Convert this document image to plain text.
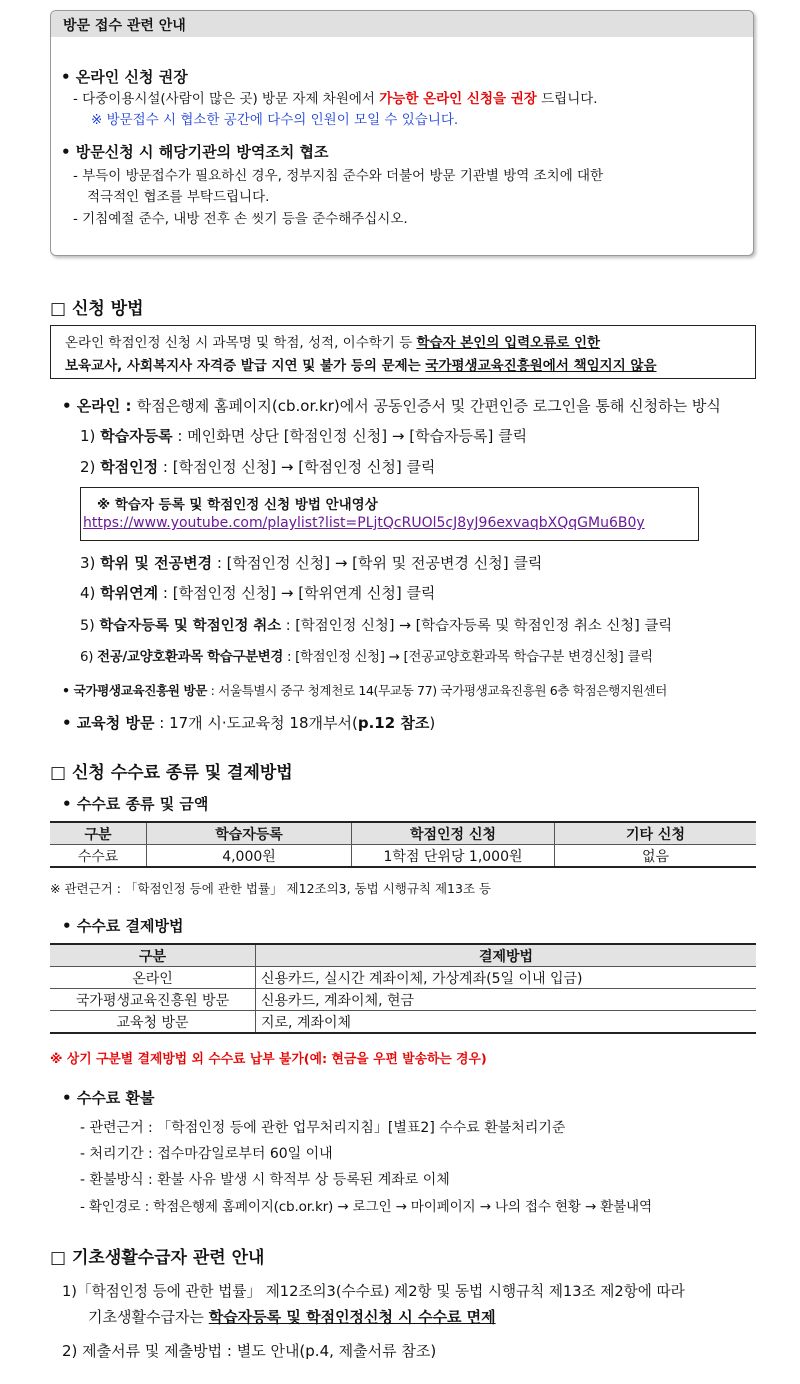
방문 접수 관련 안내
• 온라인 신청 권장
- 다중이용시설(사람이 많은 곳) 방문 자제 차원에서 가능한 온라인 신청을 권장 드립니다.
※ 방문접수 시 협소한 공간에 다수의 인원이 모일 수 있습니다.
• 방문신청 시 해당기관의 방역조치 협조
- 부득이 방문접수가 필요하신 경우, 정부지침 준수와 더불어 방문 기관별 방역 조치에 대한
적극적인 협조를 부탁드립니다.
- 기침예절 준수, 내방 전후 손 씻기 등을 준수해주십시오.
□ 신청 방법
온라인 학점인정 신청 시 과목명 및 학점, 성적, 이수학기 등 학습자 본인의 입력오류로 인한
보육교사, 사회복지사 자격증 발급 지연 및 불가 등의 문제는 국가평생교육진흥원에서 책임지지 않음
• 온라인 : 학점은행제 홈페이지(cb.or.kr)에서 공동인증서 및 간편인증 로그인을 통해 신청하는 방식
1) 학습자등록 : 메인화면 상단 [학점인정 신청] → [학습자등록] 클릭
2) 학점인정 : [학점인정 신청] → [학점인정 신청] 클릭
※ 학습자 등록 및 학점인정 신청 방법 안내영상
https://www.youtube.com/playlist?list=PLjtQcRUOl5cJ8yJ96exvaqbXQqGMu6B0y
3) 학위 및 전공변경 : [학점인정 신청] → [학위 및 전공변경 신청] 클릭
4) 학위연계 : [학점인정 신청] → [학위연계 신청] 클릭
5) 학습자등록 및 학점인정 취소 : [학점인정 신청] → [학습자등록 및 학점인정 취소 신청] 클릭
6) 전공/교양호환과목 학습구분변경 : [학점인정 신청] → [전공교양호환과목 학습구분 변경신청] 클릭
• 국가평생교육진흥원 방문 : 서울특별시 중구 청계천로 14(무교동 77) 국가평생교육진흥원 6층 학점은행지원센터
• 교육청 방문 : 17개 시·도교육청 18개부서(p.12 참조)
□ 신청 수수료 종류 및 결제방법
• 수수료 종류 및 금액
구분	학습자등록	학점인정 신청	기타 신청
수수료	4,000원	1학점 단위당 1,000원	없음
※ 관련근거 : 「학점인정 등에 관한 법률」 제12조의3, 동법 시행규칙 제13조 등
• 수수료 결제방법
구분	결제방법
온라인	신용카드, 실시간 계좌이체, 가상계좌(5일 이내 입금)
국가평생교육진흥원 방문	신용카드, 계좌이체, 현금
교육청 방문	지로, 계좌이체
※ 상기 구분별 결제방법 외 수수료 납부 불가(예: 현금을 우편 발송하는 경우)
• 수수료 환불
- 관련근거 : 「학점인정 등에 관한 업무처리지침」[별표2] 수수료 환불처리기준
- 처리기간 : 접수마감일로부터 60일 이내
- 환불방식 : 환불 사유 발생 시 학적부 상 등록된 계좌로 이체
- 확인경로 : 학점은행제 홈페이지(cb.or.kr) → 로그인 → 마이페이지 → 나의 접수 현황 → 환불내역
□ 기초생활수급자 관련 안내
1)「학점인정 등에 관한 법률」 제12조의3(수수료) 제2항 및 동법 시행규칙 제13조 제2항에 따라
기초생활수급자는 학습자등록 및 학점인정신청 시 수수료 면제
2) 제출서류 및 제출방법 : 별도 안내(p.4, 제출서류 참조)
